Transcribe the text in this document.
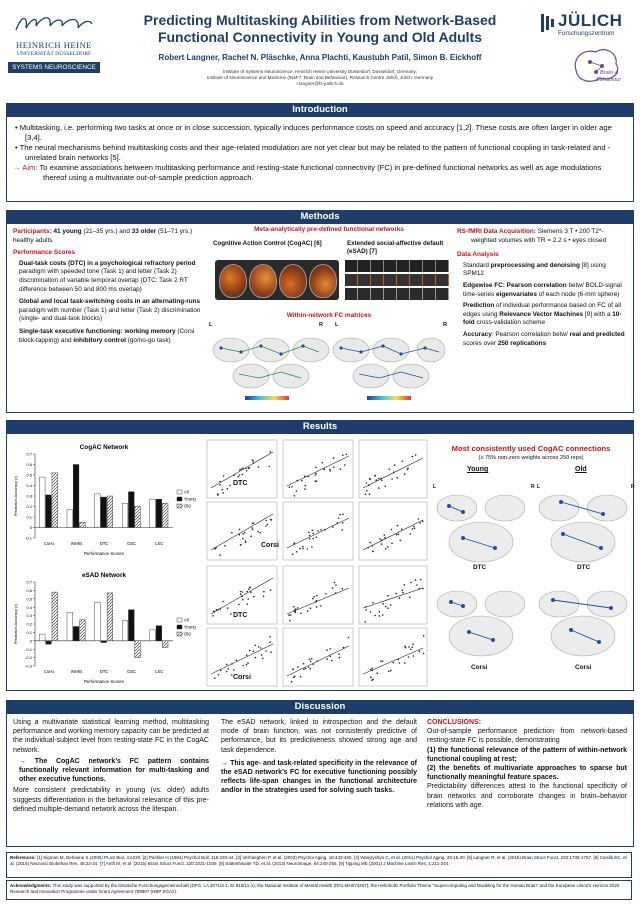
HEINRICH HEINE
UNIVERSITÄT DÜSSELDORF
SYSTEMS NEUROSCIENCE
Predicting Multitasking Abilities from Network-Based
Functional Connectivity in Young and Old Adults
Robert Langner, Rachel N. Pläschke, Anna Plachti, Kaustubh Patil, Simon B. Eickhoff
Institute of Systems Neuroscience, Heinrich Heine University Düsseldorf, Düsseldorf, Germany;
Institute of Neuroscience and Medicine (INM-7: Brain and Behaviour), Research Centre Jülich, Jülich, Germany
r.langner@fz-juelich.de
JÜLICH
Forschungszentrum
Brain &
Behaviour
Introduction
• Multitasking, i.e. performing two tasks at once or in close succession, typically induces performance costs on speed and accuracy [1,2]. These costs are often larger in older age [3,4].
• The neural mechanisms behind multitasking costs and their age-related modulation are not yet clear but may be related to the pattern of functional coupling in task-related and -unrelated brain networks [5].
→ Aim: To examine associations between multitasking performance and resting-state functional connectivity (FC) in pre-defined functional networks as well as age modulations thereof using a multivariate out-of-sample prediction approach.
Methods
Participants: 41 young (21–35 yrs.) and 33 older (51–71 yrs.) healthy adults
Performance Scores
Dual-task costs (DTC) in a psychological refractory period paradigm with speeded tone (Task 1) and letter (Task 2) discrimination of variable temporal overlap (DTC: Task 2 RT difference between 50 and 800 ms overlap)
Global and local task-switching costs in an alternating-runs paradigm with number (Task 1) and letter (Task 2) discrimination (single- and dual-task blocks)
Single-task executive functioning: working memory (Corsi block-tapping) and inhibitory control (go/no-go task)
Meta-analytically pre-defined functional networks
Cognitive Action Control (CogAC) [6]	Extended social-affective default (eSAD) [7]
Within-network FC matrices
L	R L	R
RS-fMRI Data Acquisition: Siemens 3 T • 200 T2*-weighted volumes with TR = 2.2 s • eyes closed
Data Analysis
Standard preprocessing and denoising [8] using SPM12
Edgewise FC: Pearson correlation betw/ BOLD-signal time-series eigenvariates of each node (6-mm sphere)
Prediction of individual performance based on FC of all edges using Relevance Vector Machines [9] with a 10-fold cross-validation scheme
Accuracy: Pearson correlation betw/ real and predicted scores over 250 replications
Results
CogAC Network
-0.1
0
0.1
0.2
0.3
0.4
0.5
0.6
0.7
Prediction Accuracy (r)
Performance Scores
Corsi	INHIB	DTC	GSC	LSC
All
Young
Old
eSAD Network
-0.3
-0.2
-0.1
0
0.1
0.2
0.3
0.4
0.5
0.6
0.7
Prediction Accuracy (r)
Performance Scores
Corsi	INHIB	DTC	GSC	LSC
All
Young
Old
DTC
Corsi
DTC
Corsi
Most consistently used CogAC connections
(≥ 75% non-zero weights across 250 reps)
Young	Old
L	R L	R
DTC	DTC
Corsi	Corsi
Discussion
Using a multivariate statistical learning method, multitasking performance and working memory capacity can be predicted at the individual-subject level from resting-state FC in the CogAC network.
→ The CogAC network’s FC pattern contains functionally relevant information for multi-tasking and other executive functions.
More consistent predictability in young (vs. older) adults suggests differentiation in the behavioral relevance of this pre-defined multiple-demand network across the lifespan.
The eSAD network, linked to introspection and the default mode of brain function, was not consistently predictive of performance, but its predictiveness showed strong age and task dependence.
→ This age- and task-related specificity in the relevance of the eSAD network’s FC for executive functioning possibly reflects life-span changes in the functional architecture and/or in the strategies used for solving such tasks.
CONCLUSIONS:
Out-of-sample performance prediction from network-based resting-state FC is possible, demonstrating
(1) the functional relevance of the pattern of within-network functional coupling at rest;
(2) the benefits of multivariate approaches to sparse but functionally meaningful feature spaces.
Predictability differences attest to the functional specificity of brain networks and corroborate changes in brain–behavior relations with age.
References: [1] Sigman M, Dehaene S (2006) PLoS Biol, 4:e220. [2] Pashler H (1994) Psychol Bull, 116:220-44. [3] Verhaeghen P, et al. (2003) Psychol Aging, 18:443-460. [4] Wasylyshyn C, et al. (2011) Psychol Aging, 26:15-20. [5] Langner R, et al. (2015) Brain Struct Funct, 220:1739-1757. [6] Cieslik EC, et al. (2015) Neurosci Biobehav Rev, 48:22-34. [7] Amft M, et al. (2015) Brain Struct Funct, 220:1031-1049. [8] Satterthwaite TD, et al. (2013) NeuroImage, 64:240-256. [9] Tipping ME (2001) J Machine Learn Res, 1:211-244.
Acknowledgments: This study was supported by the Deutsche Forschungsgemeinschaft (DFG, LA 3071/3-1, EI 816/11-1), the National Institute of Mental Health (R01-MH074457), the Helmholtz Portfolio Theme "Supercomputing and Modeling for the Human Brain" and the European Union's Horizon 2020 Research and Innovation Programme under Grant Agreement 785907 (HBP SGA2).
